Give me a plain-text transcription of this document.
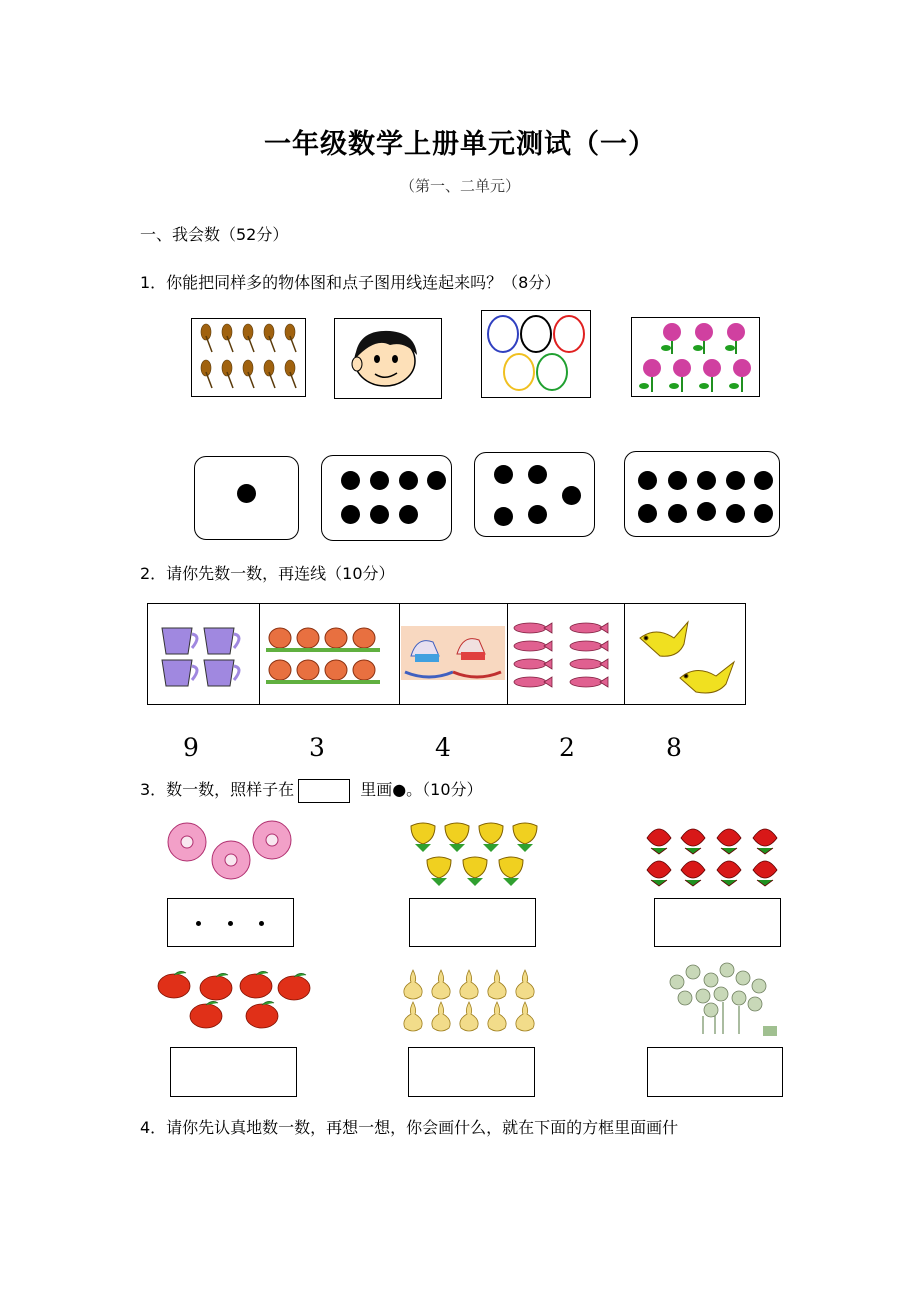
一年级数学上册单元测试（一）
（第一、二单元）
一、我会数（52分）
1．你能把同样多的物体图和点子图用线连起来吗？（8分）
2．请你先数一数，再连线（10分）
9	3	4	2	8
3．数一数，照样子在	里画●。（10分）
4．请你先认真地数一数，再想一想，你会画什么，就在下面的方框里面画什
